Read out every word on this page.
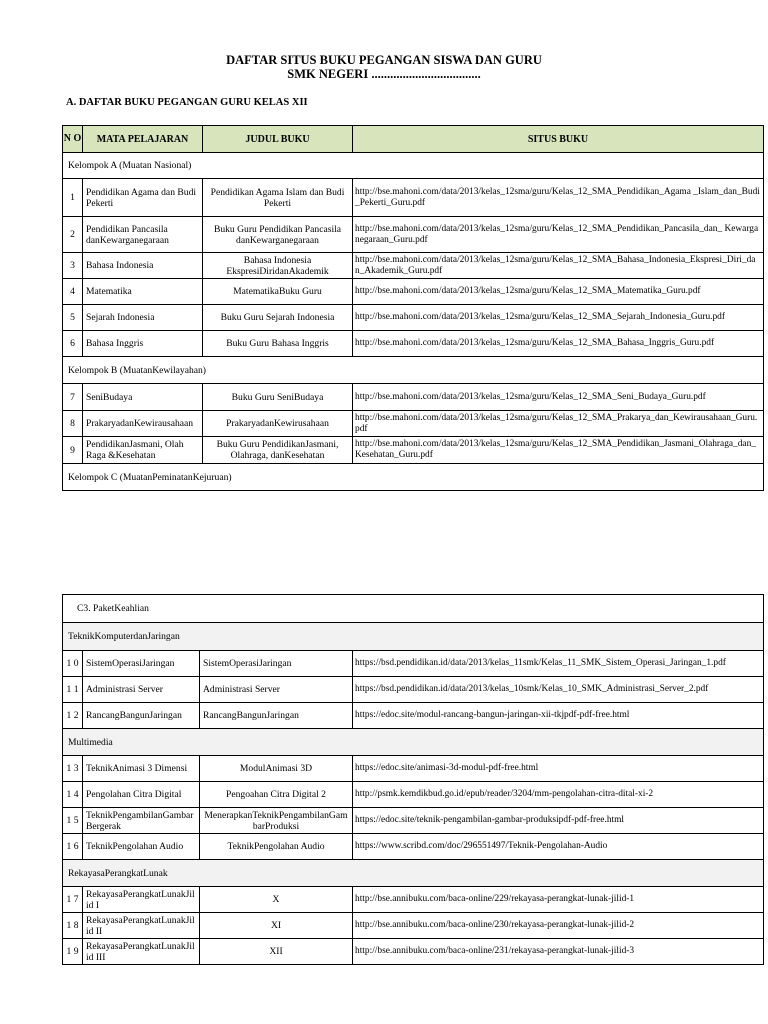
DAFTAR SITUS BUKU PEGANGAN SISWA DAN GURU
SMK NEGERI ...................................
A. DAFTAR BUKU PEGANGAN GURU KELAS XII
N O	MATA PELAJARAN	JUDUL BUKU	SITUS BUKU
Kelompok A (Muatan Nasional)			
1	Pendidikan Agama dan Budi Pekerti	Pendidikan Agama Islam dan Budi Pekerti	http://bse.mahoni.com/data/2013/kelas_12sma/guru/Kelas_12_SMA_Pendidikan_Agama _Islam_dan_Budi_Pekerti_Guru.pdf
2	Pendidikan Pancasila danKewarganegaraan	Buku Guru Pendidikan Pancasila danKewarganegaraan	http://bse.mahoni.com/data/2013/kelas_12sma/guru/Kelas_12_SMA_Pendidikan_Pancasila_dan_ Kewarganegaraan_Guru.pdf
3	Bahasa Indonesia	Bahasa Indonesia EkspresiDiridanAkademik	http://bse.mahoni.com/data/2013/kelas_12sma/guru/Kelas_12_SMA_Bahasa_Indonesia_Ekspresi_Diri_dan_Akademik_Guru.pdf
4	Matematika	MatematikaBuku Guru	http://bse.mahoni.com/data/2013/kelas_12sma/guru/Kelas_12_SMA_Matematika_Guru.pdf
5	Sejarah Indonesia	Buku Guru Sejarah Indonesia	http://bse.mahoni.com/data/2013/kelas_12sma/guru/Kelas_12_SMA_Sejarah_Indonesia_Guru.pdf
6	Bahasa Inggris	Buku Guru Bahasa Inggris	http://bse.mahoni.com/data/2013/kelas_12sma/guru/Kelas_12_SMA_Bahasa_Inggris_Guru.pdf
Kelompok B (MuatanKewilayahan)			
7	SeniBudaya	Buku Guru SeniBudaya	http://bse.mahoni.com/data/2013/kelas_12sma/guru/Kelas_12_SMA_Seni_Budaya_Guru.pdf
8	PrakaryadanKewirausahaan	PrakaryadanKewirusahaan	http://bse.mahoni.com/data/2013/kelas_12sma/guru/Kelas_12_SMA_Prakarya_dan_Kewirausahaan_Guru.pdf
9	PendidikanJasmani, Olah Raga &Kesehatan	Buku Guru PendidikanJasmani, Olahraga, danKesehatan	http://bse.mahoni.com/data/2013/kelas_12sma/guru/Kelas_12_SMA_Pendidikan_Jasmani_Olahraga_dan_Kesehatan_Guru.pdf
Kelompok C (MuatanPeminatanKejuruan)			
C3. PaketKeahlian			
TeknikKomputerdanJaringan			
1 0	SistemOperasiJaringan	SistemOperasiJaringan	https://bsd.pendidikan.id/data/2013/kelas_11smk/Kelas_11_SMK_Sistem_Operasi_Jaringan_1.pdf
1 1	Administrasi Server	Administrasi Server	https://bsd.pendidikan.id/data/2013/kelas_10smk/Kelas_10_SMK_Administrasi_Server_2.pdf
1 2	RancangBangunJaringan	RancangBangunJaringan	https://edoc.site/modul-rancang-bangun-jaringan-xii-tkjpdf-pdf-free.html
Multimedia			
1 3	TeknikAnimasi 3 Dimensi	ModulAnimasi 3D	https://edoc.site/animasi-3d-modul-pdf-free.html
1 4	Pengolahan Citra Digital	Pengoahan Citra Digital 2	http://psmk.kemdikbud.go.id/epub/reader/3204/mm-pengolahan-citra-dital-xi-2
1 5	TeknikPengambilanGambarBergerak	MenerapkanTeknikPengambilanGambarProduksi	https://edoc.site/teknik-pengambilan-gambar-produksipdf-pdf-free.html
1 6	TeknikPengolahan Audio	TeknikPengolahan Audio	https://www.scribd.com/doc/296551497/Teknik-Pengolahan-Audio
RekayasaPerangkatLunak			
1 7	RekayasaPerangkatLunakJilid I	X	http://bse.annibuku.com/baca-online/229/rekayasa-perangkat-lunak-jilid-1
1 8	RekayasaPerangkatLunakJilid II	XI	http://bse.annibuku.com/baca-online/230/rekayasa-perangkat-lunak-jilid-2
1 9	RekayasaPerangkatLunakJilid III	XII	http://bse.annibuku.com/baca-online/231/rekayasa-perangkat-lunak-jilid-3
